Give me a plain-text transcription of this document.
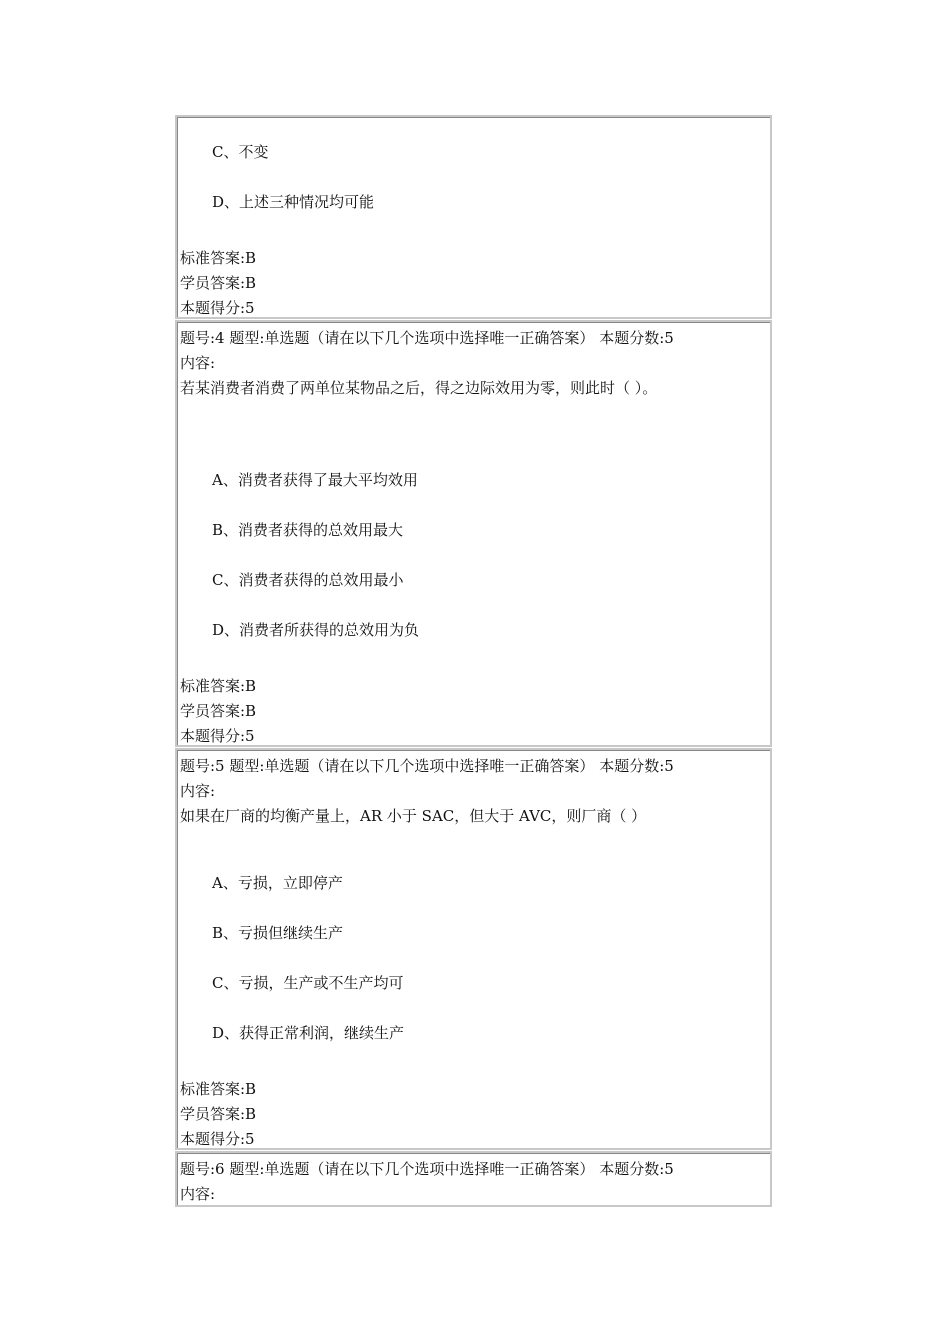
C、不变
D、上述三种情况均可能
标准答案:B
学员答案:B
本题得分:5
题号:4 题型:单选题（请在以下几个选项中选择唯一正确答案） 本题分数:5
内容:
若某消费者消费了两单位某物品之后，得之边际效用为零，则此时（ ）。
A、消费者获得了最大平均效用
B、消费者获得的总效用最大
C、消费者获得的总效用最小
D、消费者所获得的总效用为负
标准答案:B
学员答案:B
本题得分:5
题号:5 题型:单选题（请在以下几个选项中选择唯一正确答案） 本题分数:5
内容:
如果在厂商的均衡产量上，AR 小于 SAC，但大于 AVC，则厂商（ ）
A、亏损，立即停产
B、亏损但继续生产
C、亏损，生产或不生产均可
D、获得正常利润，继续生产
标准答案:B
学员答案:B
本题得分:5
题号:6 题型:单选题（请在以下几个选项中选择唯一正确答案） 本题分数:5
内容:
